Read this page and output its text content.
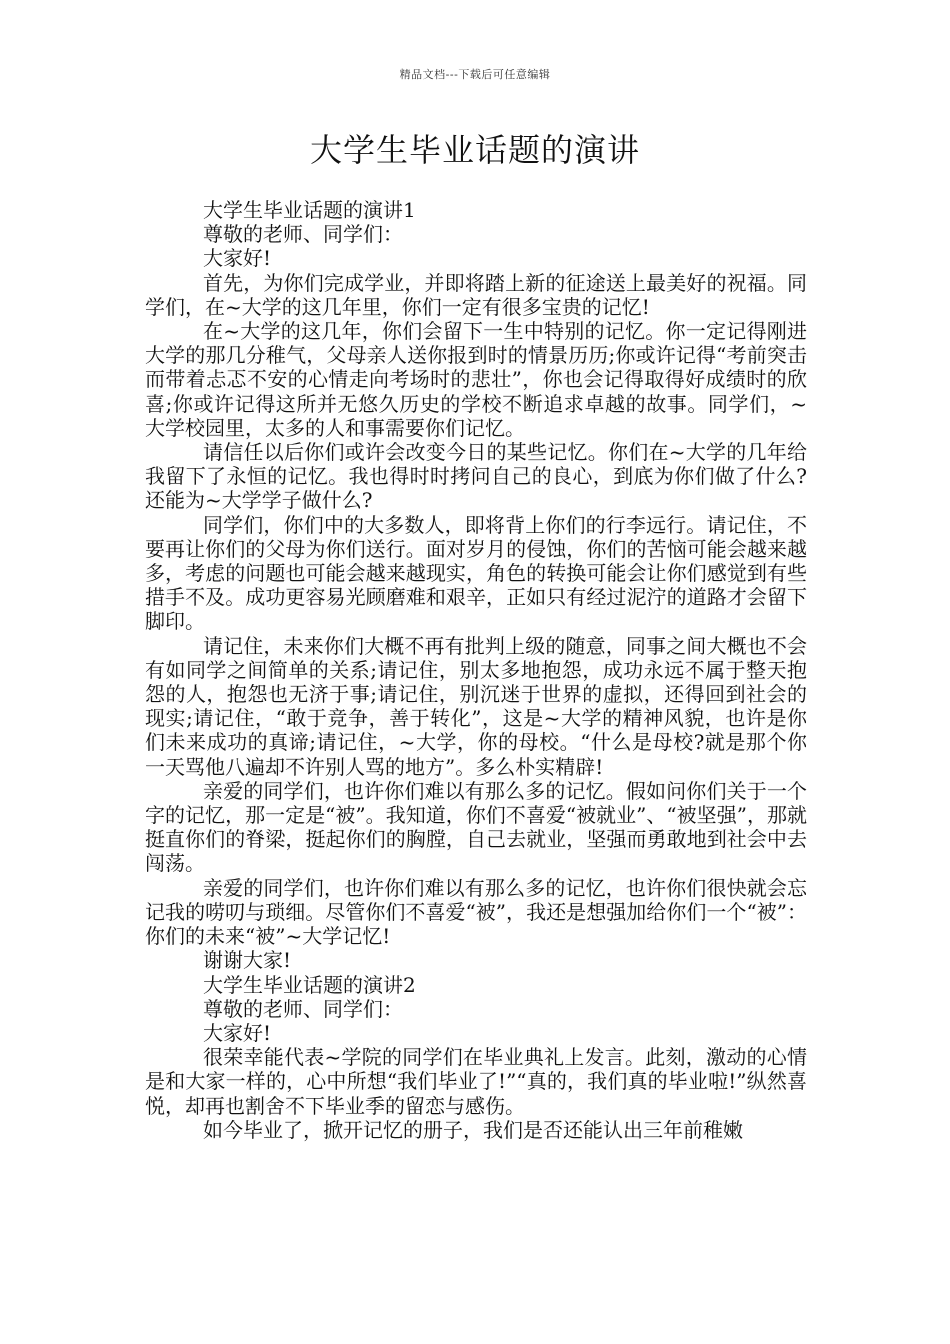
精品文档---下载后可任意编辑
大学生毕业话题的演讲

大学生毕业话题的演讲1

尊敬的老师、同学们：

大家好!

首先，为你们完成学业，并即将踏上新的征途送上最美好的祝福。同学们，在~大学的这几年里，你们一定有很多宝贵的记忆!

在~大学的这几年，你们会留下一生中特别的记忆。你一定记得刚进大学的那几分稚气，父母亲人送你报到时的情景历历;你或许记得“考前突击而带着忐忑不安的心情走向考场时的悲壮”，你也会记得取得好成绩时的欣喜;你或许记得这所并无悠久历史的学校不断追求卓越的故事。同学们，~大学校园里，太多的人和事需要你们记忆。

请信任以后你们或许会改变今日的某些记忆。你们在~大学的几年给我留下了永恒的记忆。我也得时时拷问自己的良心，到底为你们做了什么?还能为~大学学子做什么?

同学们，你们中的大多数人，即将背上你们的行李远行。请记住，不要再让你们的父母为你们送行。面对岁月的侵蚀，你们的苦恼可能会越来越多，考虑的问题也可能会越来越现实，角色的转换可能会让你们感觉到有些措手不及。成功更容易光顾磨难和艰辛，正如只有经过泥泞的道路才会留下脚印。

请记住，未来你们大概不再有批判上级的随意，同事之间大概也不会有如同学之间简单的关系;请记住，别太多地抱怨，成功永远不属于整天抱怨的人，抱怨也无济于事;请记住，别沉迷于世界的虚拟，还得回到社会的现实;请记住，“敢于竞争，善于转化”，这是~大学的精神风貌，也许是你们未来成功的真谛;请记住，~大学，你的母校。“什么是母校?就是那个你一天骂他八遍却不许别人骂的地方”。多么朴实精辟!

亲爱的同学们，也许你们难以有那么多的记忆。假如问你们关于一个字的记忆，那一定是“被”。我知道，你们不喜爱“被就业”、“被坚强”，那就挺直你们的脊梁，挺起你们的胸膛，自己去就业，坚强而勇敢地到社会中去闯荡。

亲爱的同学们，也许你们难以有那么多的记忆，也许你们很快就会忘记我的唠叨与琐细。尽管你们不喜爱“被”，我还是想强加给你们一个“被”：你们的未来“被”~大学记忆!

谢谢大家!

大学生毕业话题的演讲2

尊敬的老师、同学们：

大家好!

很荣幸能代表~学院的同学们在毕业典礼上发言。此刻，激动的心情是和大家一样的，心中所想“我们毕业了!”“真的，我们真的毕业啦!”纵然喜悦，却再也割舍不下毕业季的留恋与感伤。

如今毕业了，掀开记忆的册子，我们是否还能认出三年前稚嫩
